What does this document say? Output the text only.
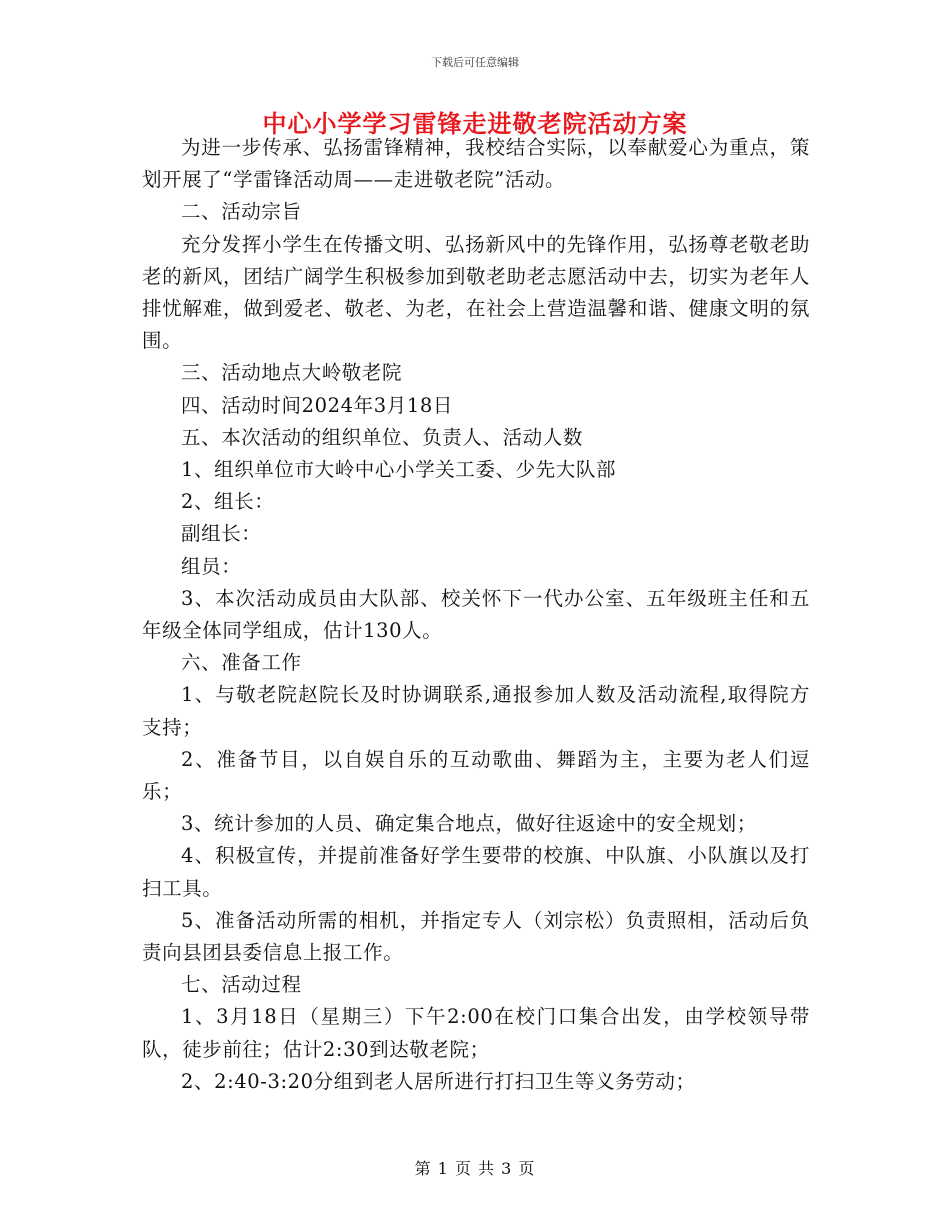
下载后可任意编辑
中心小学学习雷锋走进敬老院活动方案

为进一步传承、弘扬雷锋精神，我校结合实际，以奉献爱心为重点，策划开展了“学雷锋活动周——走进敬老院”活动。

二、活动宗旨

充分发挥小学生在传播文明、弘扬新风中的先锋作用，弘扬尊老敬老助老的新风，团结广阔学生积极参加到敬老助老志愿活动中去，切实为老年人排忧解难，做到爱老、敬老、为老，在社会上营造温馨和谐、健康文明的氛围。

三、活动地点大岭敬老院

四、活动时间2024年3月18日

五、本次活动的组织单位、负责人、活动人数

1、组织单位市大岭中心小学关工委、少先大队部

2、组长：

副组长：

组员：

3、本次活动成员由大队部、校关怀下一代办公室、五年级班主任和五年级全体同学组成，估计130人。

六、准备工作

1、与敬老院赵院长及时协调联系,通报参加人数及活动流程,取得院方支持；

2、准备节目，以自娱自乐的互动歌曲、舞蹈为主，主要为老人们逗乐；

3、统计参加的人员、确定集合地点，做好往返途中的安全规划；

4、积极宣传，并提前准备好学生要带的校旗、中队旗、小队旗以及打扫工具。

5、准备活动所需的相机，并指定专人（刘宗松）负责照相，活动后负责向县团县委信息上报工作。

七、活动过程

1、3月18日（星期三）下午2:00在校门口集合出发，由学校领导带队，徒步前往；估计2:30到达敬老院；

2、2:40-3:20分组到老人居所进行打扫卫生等义务劳动；

第 1 页 共 3 页
